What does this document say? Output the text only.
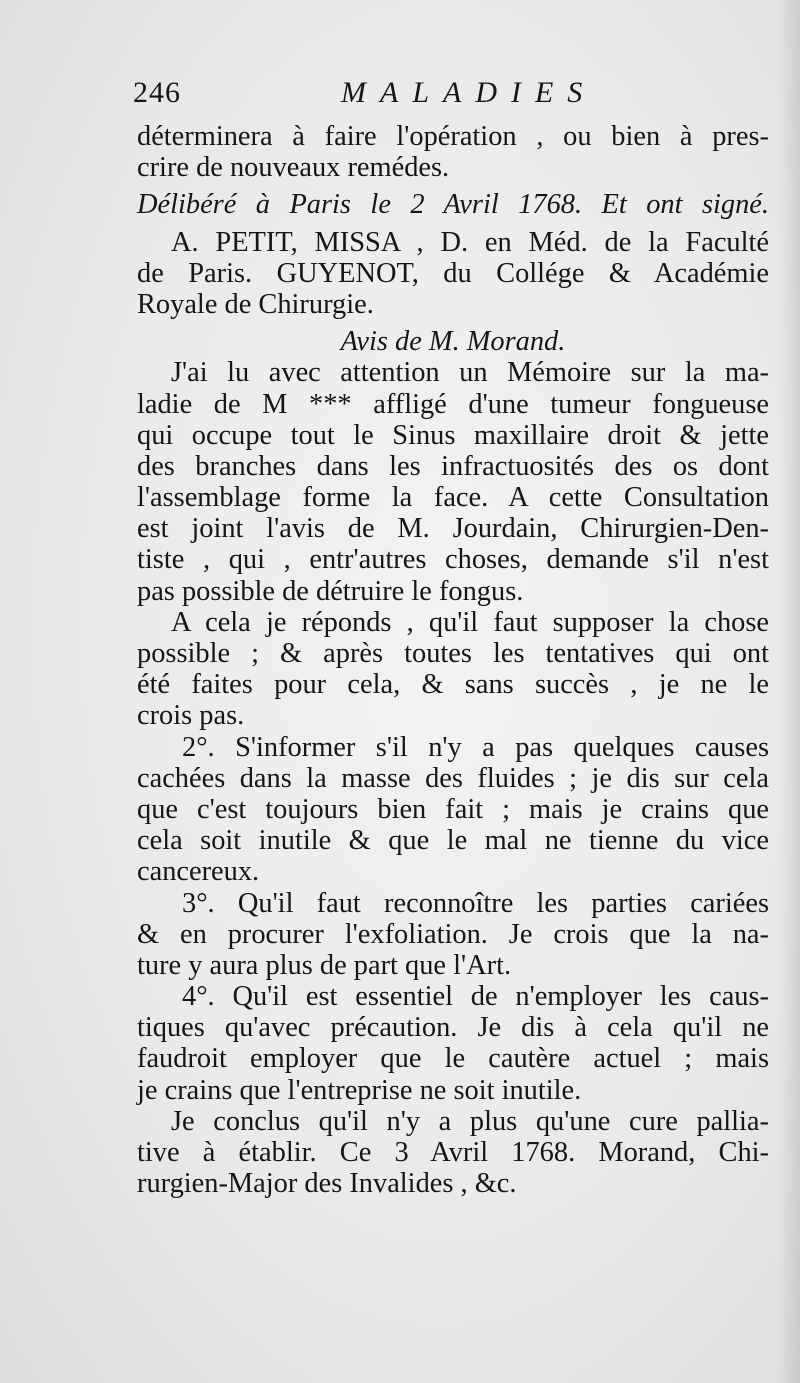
246	MALADIES
déterminera à faire l'opération , ou bien à pres-
crire de nouveaux remédes.
Délibéré à Paris le 2 Avril 1768. Et ont signé.
A. PETIT, MISSA , D. en Méd. de la Faculté
de Paris. GUYENOT, du Collége & Académie
Royale de Chirurgie.
Avis de M. Morand.
J'ai lu avec attention un Mémoire sur la ma-
ladie de M *** affligé d'une tumeur fongueuse
qui occupe tout le Sinus maxillaire droit & jette
des branches dans les infractuosités des os dont
l'assemblage forme la face. A cette Consultation
est joint l'avis de M. Jourdain, Chirurgien-Den-
tiste , qui , entr'autres choses, demande s'il n'est
pas possible de détruire le fongus.
A cela je réponds , qu'il faut supposer la chose
possible ; & après toutes les tentatives qui ont
été faites pour cela, & sans succès , je ne le
crois pas.
2°. S'informer s'il n'y a pas quelques causes
cachées dans la masse des fluides ; je dis sur cela
que c'est toujours bien fait ; mais je crains que
cela soit inutile & que le mal ne tienne du vice
cancereux.
3°. Qu'il faut reconnoître les parties cariées
& en procurer l'exfoliation. Je crois que la na-
ture y aura plus de part que l'Art.
4°. Qu'il est essentiel de n'employer les caus-
tiques qu'avec précaution. Je dis à cela qu'il ne
faudroit employer que le cautère actuel ; mais
je crains que l'entreprise ne soit inutile.
Je conclus qu'il n'y a plus qu'une cure pallia-
tive à établir. Ce 3 Avril 1768. Morand, Chi-
rurgien-Major des Invalides , &c.
